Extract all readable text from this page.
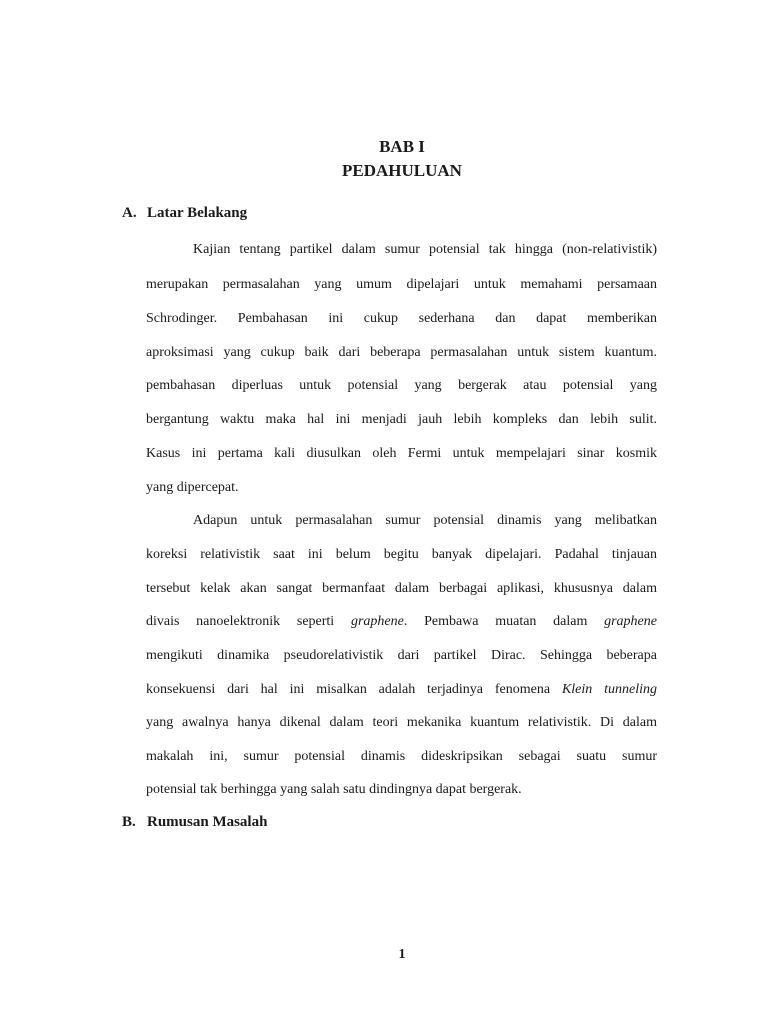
BAB I
PEDAHULUAN
A. Latar Belakang
Kajian tentang partikel dalam sumur potensial tak hingga (non-relativistik)
merupakan permasalahan yang umum dipelajari untuk memahami persamaan
Schrodinger. Pembahasan ini cukup sederhana dan dapat memberikan
aproksimasi yang cukup baik dari beberapa permasalahan untuk sistem kuantum.
pembahasan diperluas untuk potensial yang bergerak atau potensial yang
bergantung waktu maka hal ini menjadi jauh lebih kompleks dan lebih sulit.
Kasus ini pertama kali diusulkan oleh Fermi untuk mempelajari sinar kosmik
yang dipercepat.
Adapun untuk permasalahan sumur potensial dinamis yang melibatkan
koreksi relativistik saat ini belum begitu banyak dipelajari. Padahal tinjauan
tersebut kelak akan sangat bermanfaat dalam berbagai aplikasi, khususnya dalam
divais nanoelektronik seperti graphene. Pembawa muatan dalam graphene
mengikuti dinamika pseudorelativistik dari partikel Dirac. Sehingga beberapa
konsekuensi dari hal ini misalkan adalah terjadinya fenomena Klein tunneling
yang awalnya hanya dikenal dalam teori mekanika kuantum relativistik. Di dalam
makalah ini, sumur potensial dinamis dideskripsikan sebagai suatu sumur
potensial tak berhingga yang salah satu dindingnya dapat bergerak.
B. Rumusan Masalah
1
